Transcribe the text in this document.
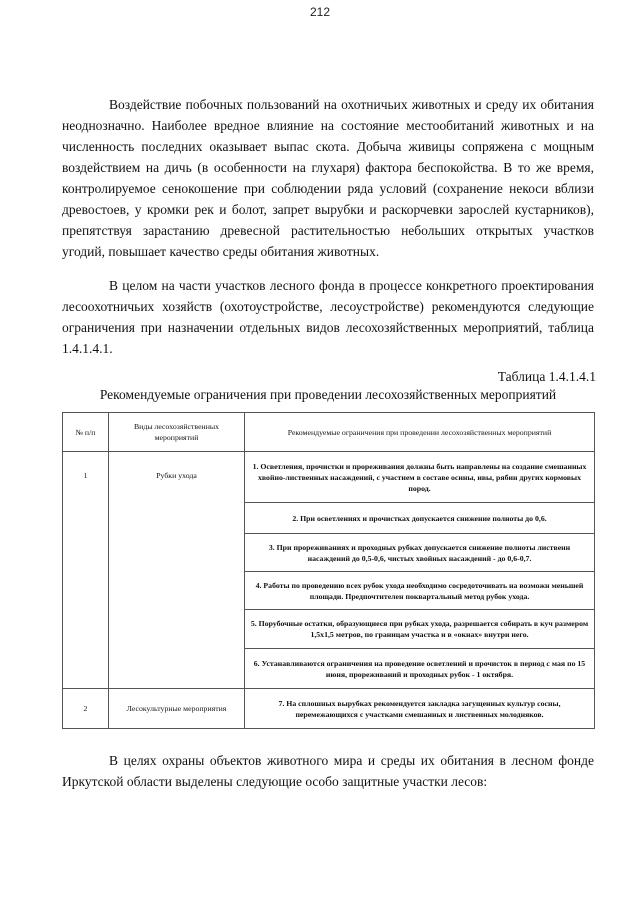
212

Воздействие побочных пользований на охотничьих животных и среду их обитания неоднозначно. Наиболее вредное влияние на состояние местообитаний животных и на численность последних оказывает выпас скота. Добыча живицы сопряжена с мощным воздействием на дичь (в особенности на глухаря) фактора беспокойства. В то же время, контролируемое сенокошение при соблюдении ряда условий (сохранение некоси вблизи древостоев, у кромки рек и болот, запрет вырубки и раскорчевки зарослей кустарников), препятствуя зарастанию древесной растительностью небольших открытых участков угодий, повышает качество среды обитания животных.

В целом на части участков лесного фонда в процессе конкретного проектирования лесоохотничьих хозяйств (охотоустройстве, лесоустройстве) рекомендуются следующие ограничения при назначении отдельных видов лесохозяйственных мероприятий, таблица 1.4.1.4.1.

Таблица 1.4.1.4.1

Рекомендуемые ограничения при проведении лесохозяйственных мероприятий

№ п/п	Виды лесохозяйственных мероприятий	Рекомендуемые ограничения при проведении лесохозяйственных мероприятий
1	Рубки ухода	1. Осветления, прочистки и прореживания должны быть направлены на создание смешанных хвойно-лиственных насаждений, с участием в составе осины, ивы, рябин других кормовых пород.
		2. При осветлениях и прочистках допускается снижение полноты до 0,6.
		3. При прореживаниях и проходных рубках допускается снижение полноты лиственн насаждений до 0,5-0,6, чистых хвойных насаждений - до 0,6-0,7.
		4. Работы по проведению всех рубок ухода необходимо сосредоточивать на возможн меньшей площади. Предпочтителен поквартальный метод рубок ухода.
		5. Порубочные остатки, образующиеся при рубках ухода, разрешается собирать в куч размером 1,5х1,5 метров, по границам участка и в «окнах» внутри него.
		6. Устанавливаются ограничения на проведение осветлений и прочисток в период с мая по 15 июня, прореживаний и проходных рубок - 1 октября.
2	Лесокультурные мероприятия	7. На сплошных вырубках рекомендуется закладка загущенных культур сосны, перемежающихся с участками смешанных и лиственных молодняков.

В целях охраны объектов животного мира и среды их обитания в лесном фонде Иркутской области выделены следующие особо защитные участки лесов:
